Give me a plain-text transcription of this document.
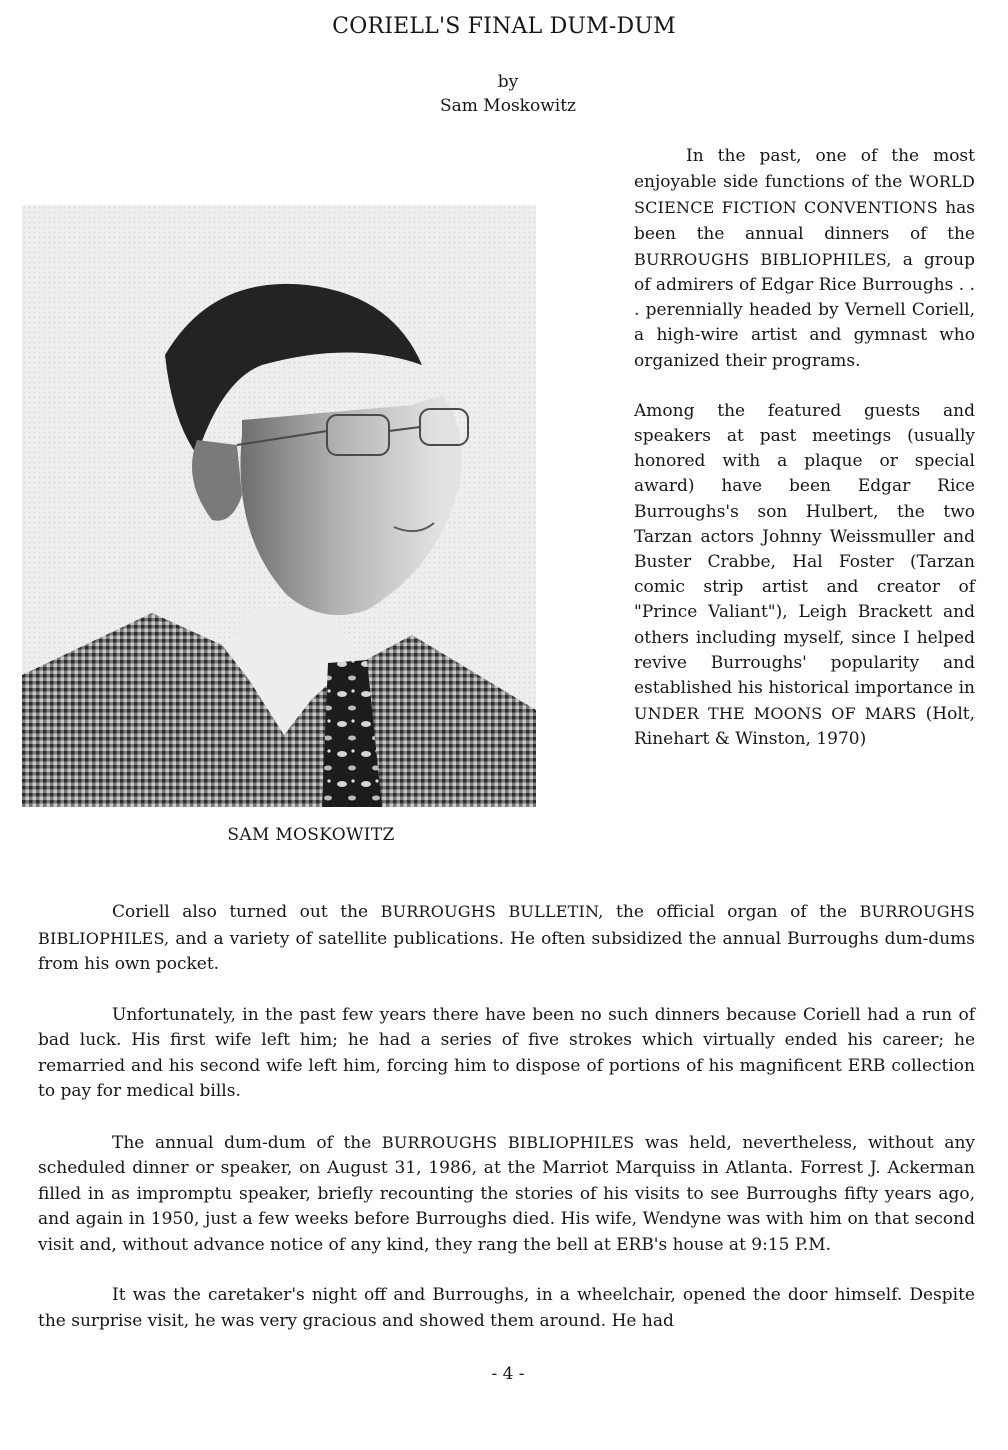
CORIELL'S FINAL DUM-DUM
by
Sam Moskowitz
SAM MOSKOWITZ

In the past, one of the most enjoyable side functions of the WORLD SCIENCE FICTION CONVENTIONS has been the annual dinners of the BURROUGHS BIBLIOPHILES, a group of admirers of Edgar Rice Burroughs . . . perennially headed by Vernell Coriell, a high-wire artist and gymnast who organized their programs.

Among the featured guests and speakers at past meetings (usually honored with a plaque or special award) have been Edgar Rice Burroughs's son Hulbert, the two Tarzan actors Johnny Weissmuller and Buster Crabbe, Hal Foster (Tarzan comic strip artist and creator of "Prince Valiant"), Leigh Brackett and others including myself, since I helped revive Burroughs' popularity and established his historical importance in UNDER THE MOONS OF MARS (Holt, Rinehart & Winston, 1970)

Coriell also turned out the BURROUGHS BULLETIN, the official organ of the BURROUGHS BIBLIOPHILES, and a variety of satellite publications. He often subsidized the annual Burroughs dum-dums from his own pocket.

Unfortunately, in the past few years there have been no such dinners because Coriell had a run of bad luck. His first wife left him; he had a series of five strokes which virtually ended his career; he remarried and his second wife left him, forcing him to dispose of portions of his magnificent ERB collection to pay for medical bills.

The annual dum-dum of the BURROUGHS BIBLIOPHILES was held, nevertheless, without any scheduled dinner or speaker, on August 31, 1986, at the Marriot Marquiss in Atlanta. Forrest J. Ackerman filled in as impromptu speaker, briefly recounting the stories of his visits to see Burroughs fifty years ago, and again in 1950, just a few weeks before Burroughs died. His wife, Wendyne was with him on that second visit and, without advance notice of any kind, they rang the bell at ERB's house at 9:15 P.M.

It was the caretaker's night off and Burroughs, in a wheelchair, opened the door himself. Despite the surprise visit, he was very gracious and showed them around. He had

- 4 -
